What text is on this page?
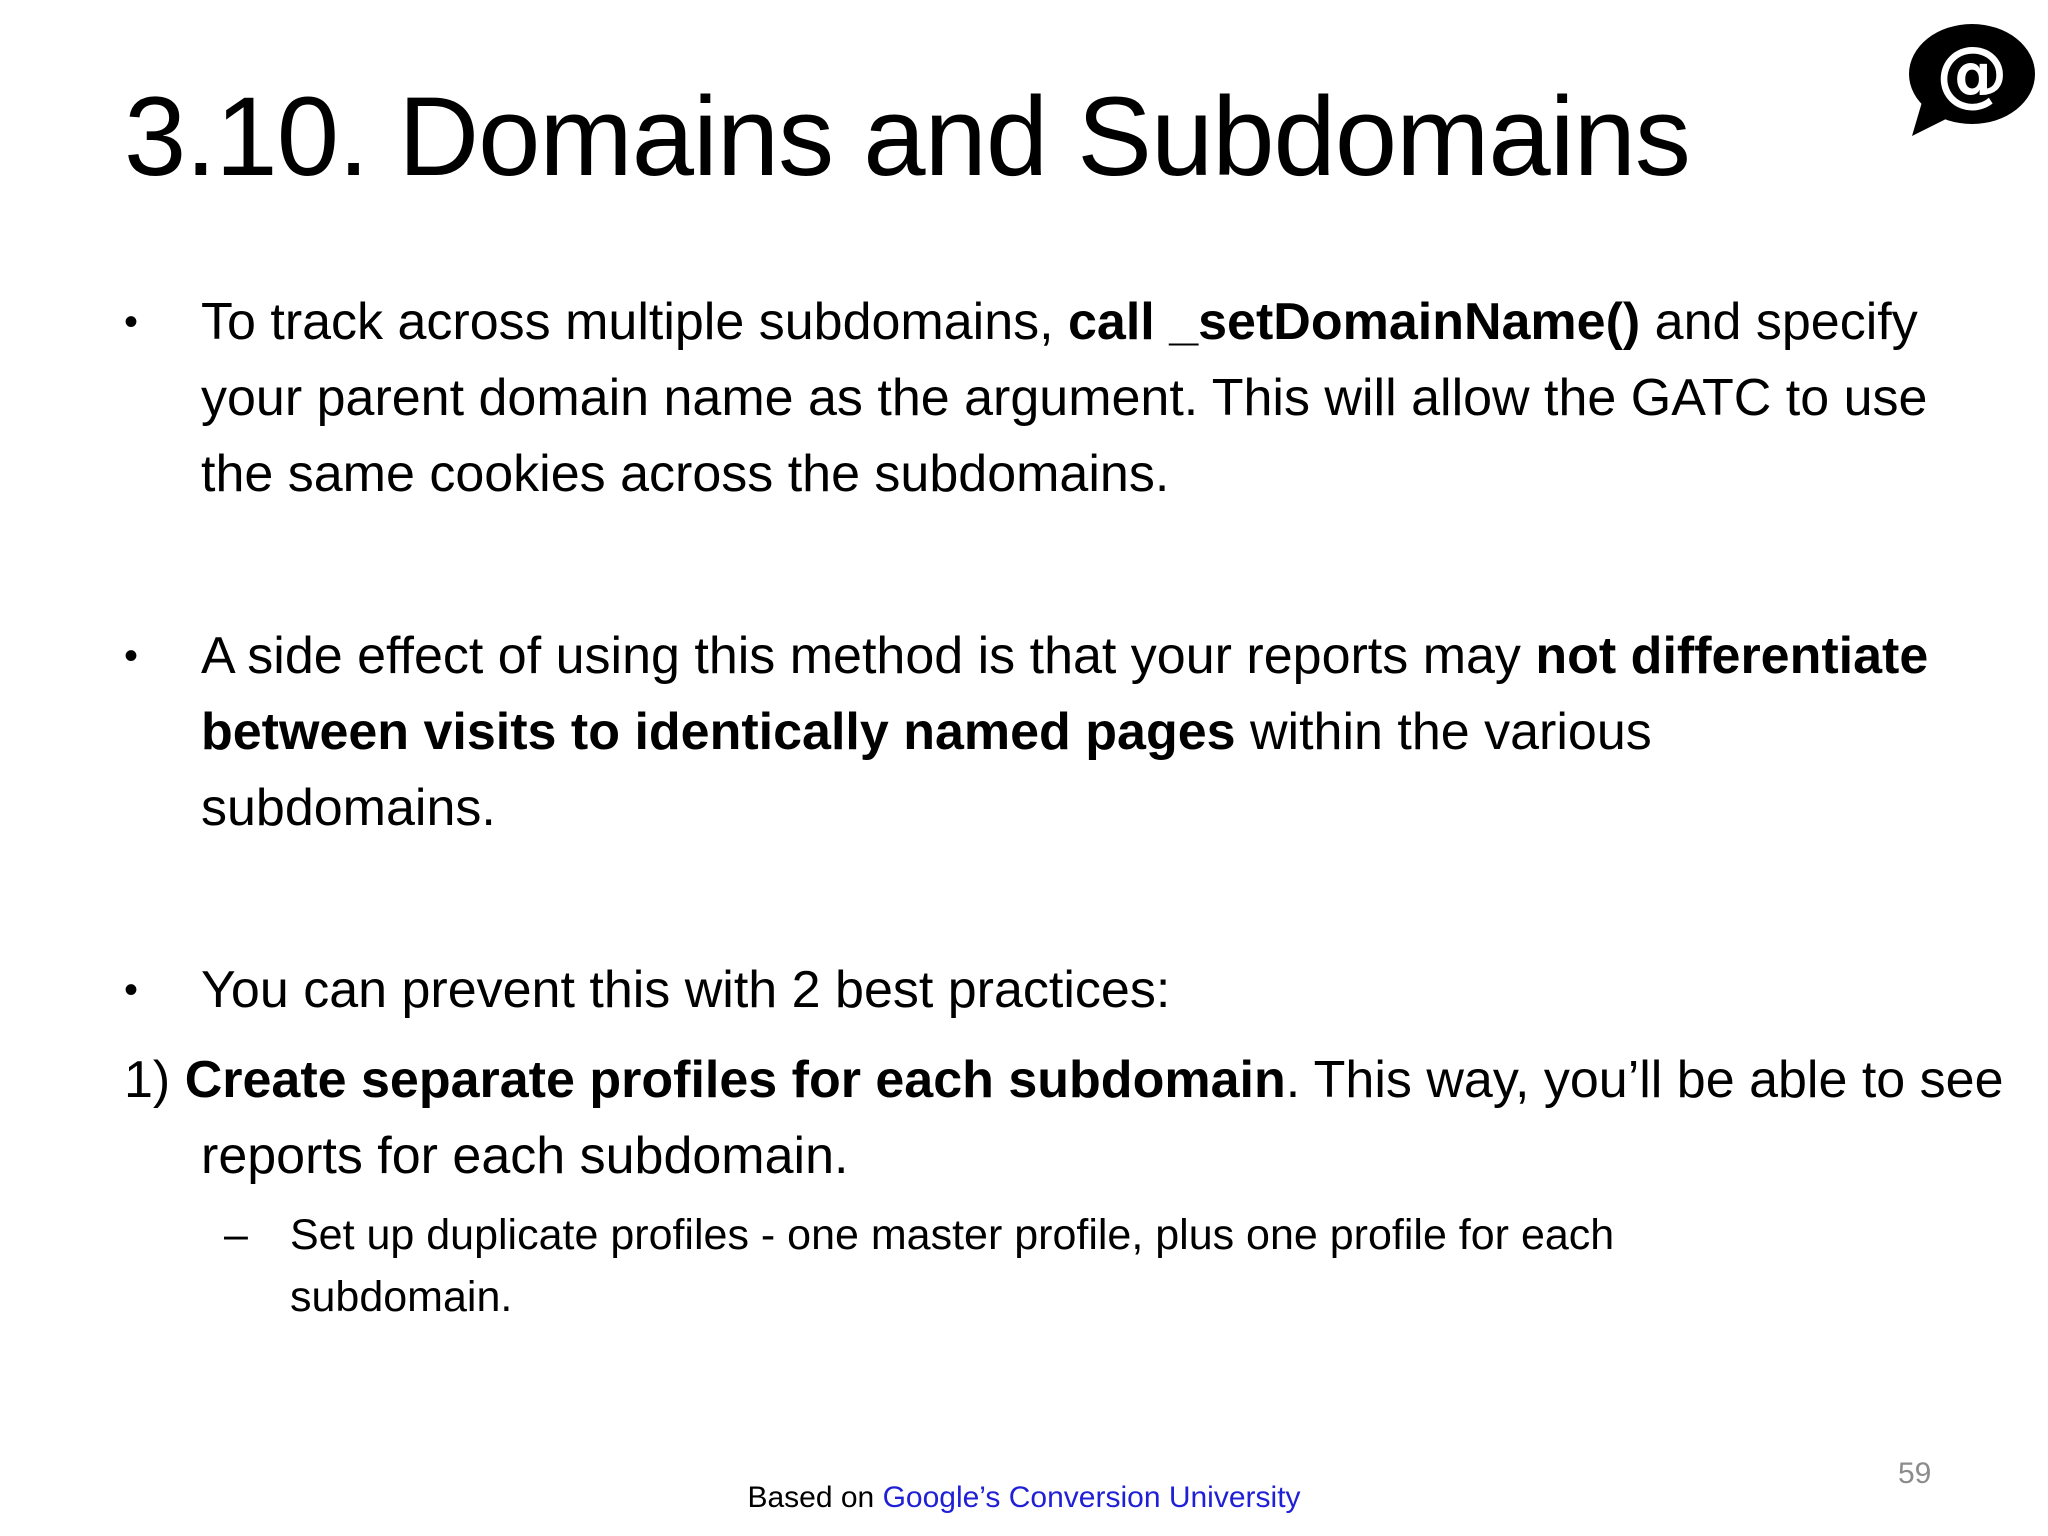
3.10. Domains and Subdomains
@
•	To track across multiple subdomains, call _setDomainName() and specify your parent domain name as the argument. This will allow the GATC to use the same cookies across the subdomains.
•	A side effect of using this method is that your reports may not differentiate between visits to identically named pages within the various subdomains.
•	You can prevent this with 2 best practices:
1) Create separate profiles for each subdomain. This way, you’ll be able to see reports for each subdomain.
– Set up duplicate profiles - one master profile, plus one profile for each subdomain.
Based on Google’s Conversion University
59
